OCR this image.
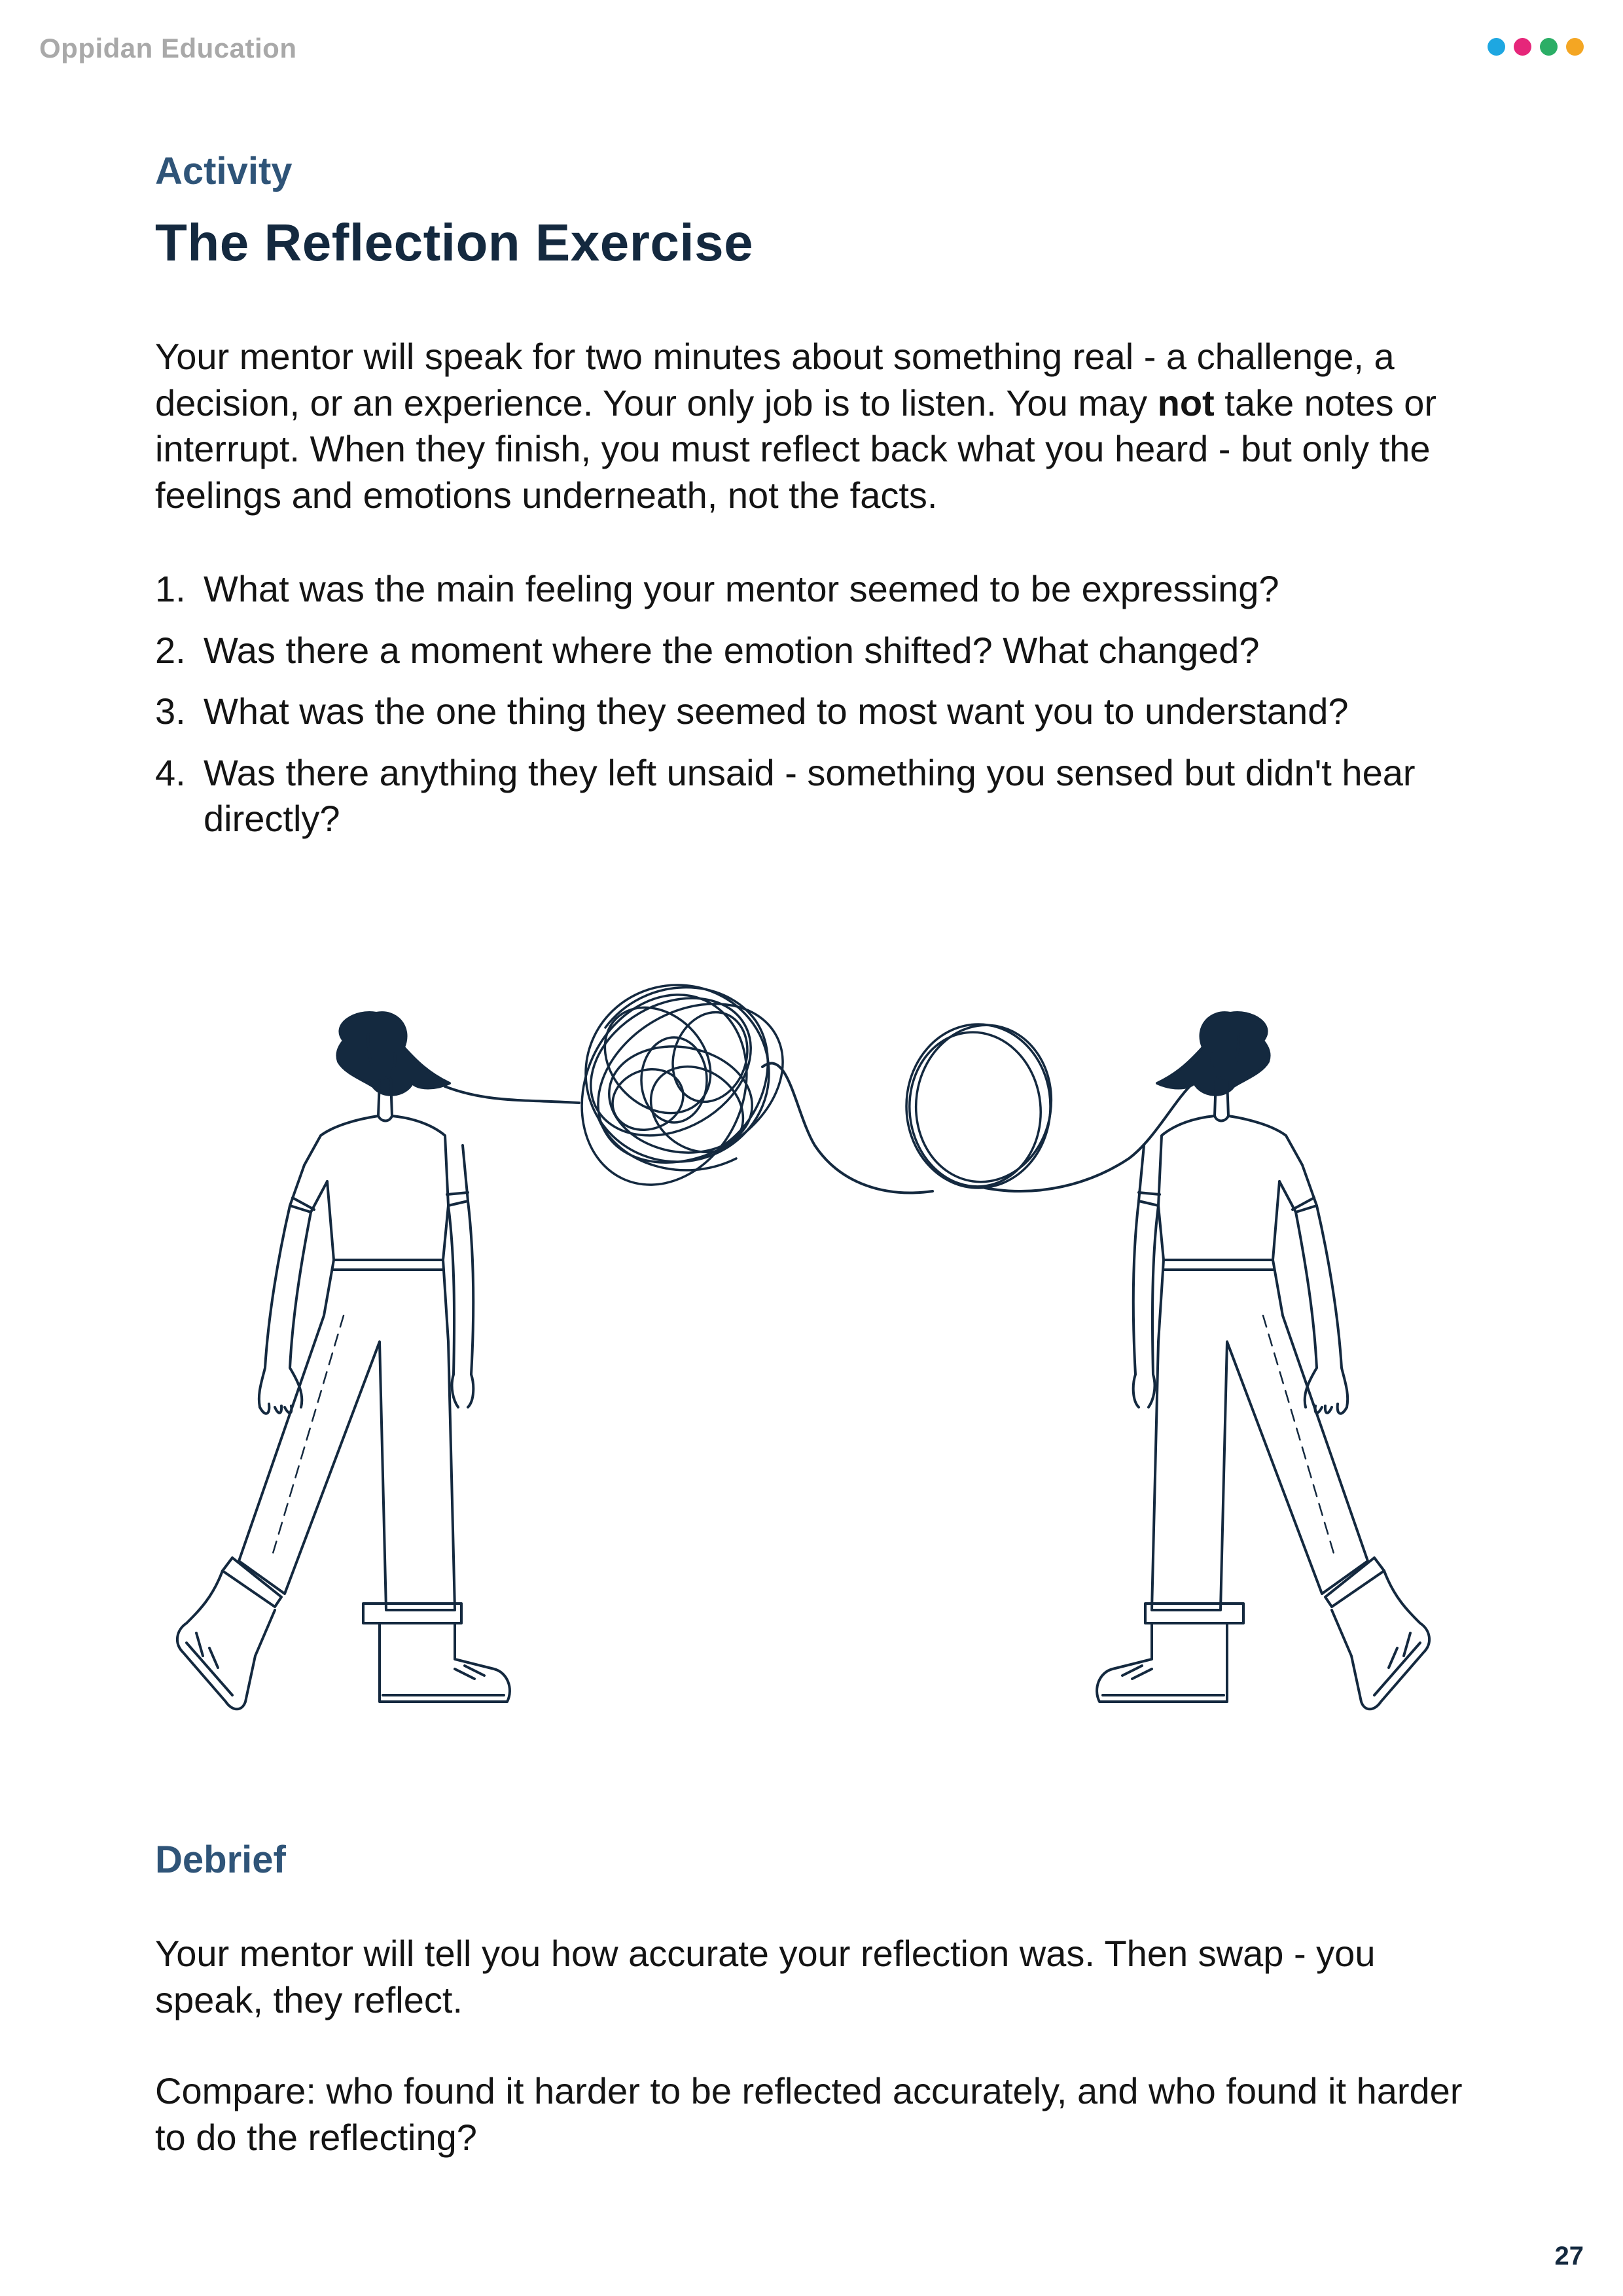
Oppidan Education
Activity
The Reflection Exercise

Your mentor will speak for two minutes about something real - a challenge, a decision, or an experience. Your only job is to listen. You may not take notes or interrupt. When they finish, you must reflect back what you heard - but only the feelings and emotions underneath, not the facts.

1. What was the main feeling your mentor seemed to be expressing?
2. Was there a moment where the emotion shifted? What changed?
3. What was the one thing they seemed to most want you to understand?
4. Was there anything they left unsaid - something you sensed but didn't hear directly?
Debrief

Your mentor will tell you how accurate your reflection was. Then swap - you speak, they reflect.

Compare: who found it harder to be reflected accurately, and who found it harder to do the reflecting?

27
